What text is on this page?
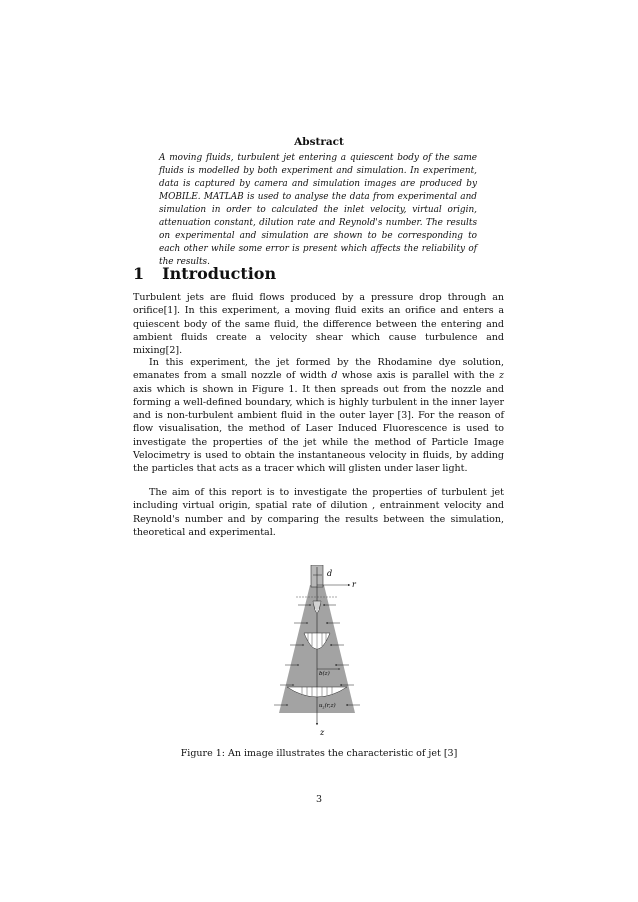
Abstract
A moving fluids, turbulent jet entering a quiescent body of the same fluids is modelled by both experiment and simulation. In experiment, data is captured by camera and simulation images are produced by MOBILE. MATLAB is used to analyse the data from experimental and simulation in order to calculated the inlet velocity, virtual origin, attenuation constant, dilution rate and Reynold's number. The results on experimental and simulation are shown to be corresponding to each other while some error is present which affects the reliability of the results.
1 Introduction

Turbulent jets are fluid flows produced by a pressure drop through an orifice[1]. In this experiment, a moving fluid exits an orifice and enters a quiescent body of the same fluid, the difference between the entering and ambient fluids create a velocity shear which cause turbulence and mixing[2].

In this experiment, the jet formed by the Rhodamine dye solution, emanates from a small nozzle of width d whose axis is parallel with the z axis which is shown in Figure 1. It then spreads out from the nozzle and forming a well-defined boundary, which is highly turbulent in the inner layer and is non-turbulent ambient fluid in the outer layer [3]. For the reason of flow visualisation, the method of Laser Induced Fluorescence is used to investigate the properties of the jet while the method of Particle Image Velocimetry is used to obtain the instantaneous velocity in fluids, by adding the particles that acts as a tracer which will glisten under laser light.

The aim of this report is to investigate the properties of turbulent jet including virtual origin, spatial rate of dilution , entrainment velocity and Reynold's number and by comparing the results between the simulation, theoretical and experimental.

d
r
b(z)
$u_z(r,z)$
z
Figure 1: An image illustrates the characteristic of jet [3]
3
